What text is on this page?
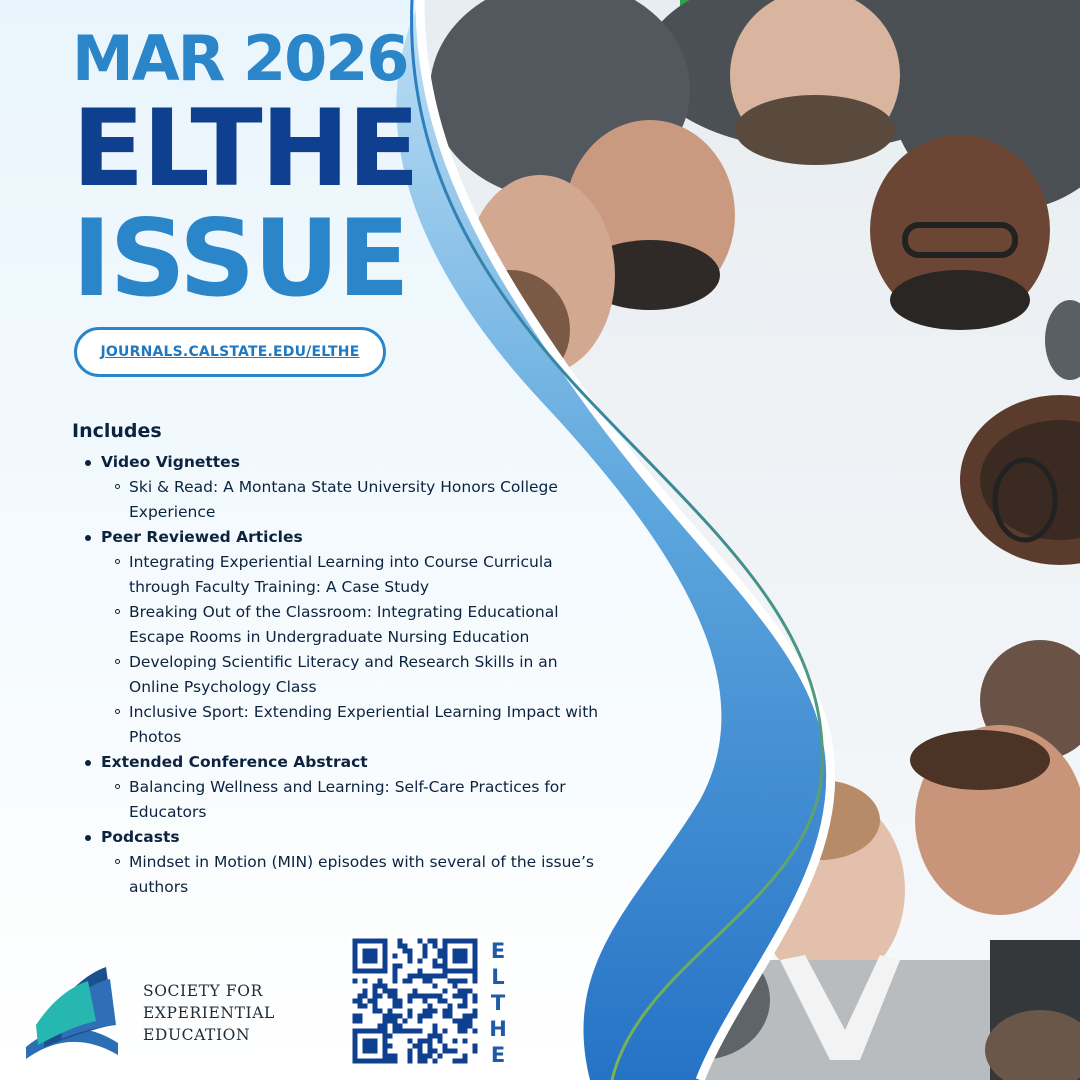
MAR 2026
ELTHE
ISSUE
JOURNALS.CALSTATE.EDU/ELTHE
Includes
Video Vignettes
Ski & Read: A Montana State University Honors College Experience
Peer Reviewed Articles
Integrating Experiential Learning into Course Curricula through Faculty Training: A Case Study
Breaking Out of the Classroom: Integrating Educational Escape Rooms in Undergraduate Nursing Education
Developing Scientific Literacy and Research Skills in an Online Psychology Class
Inclusive Sport: Extending Experiential Learning Impact with Photos
Extended Conference Abstract
Balancing Wellness and Learning: Self-Care Practices for Educators
Podcasts
Mindset in Motion (MIN) episodes with several of the issue’s authors
SOCIETY FOR
EXPERIENTIAL
EDUCATION
E
L
T
H
E
